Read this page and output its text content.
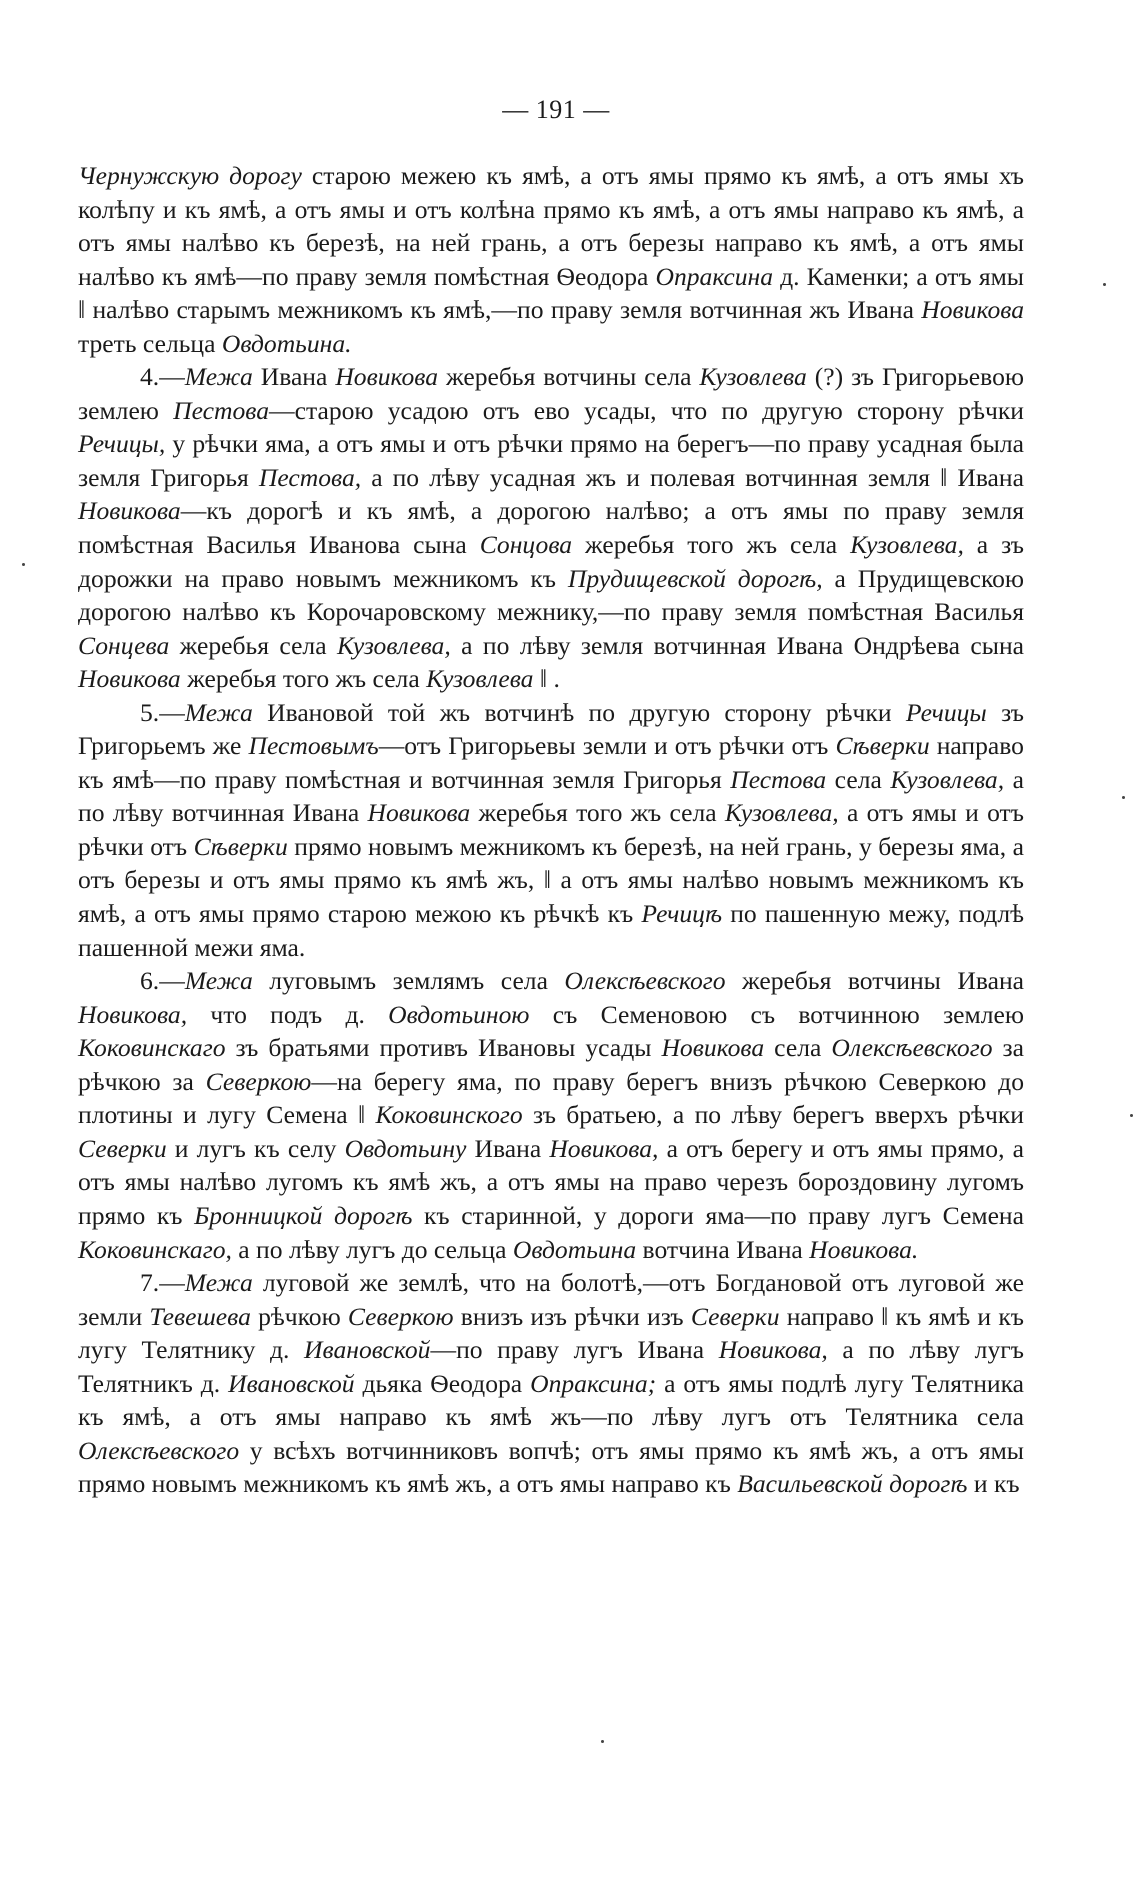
— 191 —

Чернужскую дорогу старою межею къ ямѣ, а отъ ямы прямо къ ямѣ, а отъ ямы хъ колѣпу и къ ямѣ, а отъ ямы и отъ колѣна прямо къ ямѣ, а отъ ямы направо къ ямѣ, а отъ ямы налѣво къ березѣ, на ней грань, а отъ березы направо къ ямѣ, а отъ ямы налѣво къ ямѣ—по праву земля помѣстная Ѳеодора Опраксина д. Каменки; а отъ ямы ‖ налѣво старымъ межникомъ къ ямѣ,—по праву земля вотчинная жъ Ивана Новикова треть сельца Овдотьина.

4.—Межа Ивана Новикова жеребья вотчины села Кузовлева (?) зъ Григорьевою землею Пестова—старою усадою отъ ево усады, что по другую сторону рѣчки Речицы, у рѣчки яма, а отъ ямы и отъ рѣчки прямо на берегъ—по праву усадная была земля Григорья Пестова, а по лѣву усадная жъ и полевая вотчинная земля ‖ Ивана Новикова—къ дорогѣ и къ ямѣ, а дорогою налѣво; а отъ ямы по праву земля помѣстная Василья Иванова сына Сонцова жеребья того жъ села Кузовлева, а зъ дорожки на право новымъ межникомъ къ Прудищевской дорогѣ, а Прудищевскою дорогою налѣво къ Корочаровскому межнику,—по праву земля помѣстная Василья Сонцева жеребья села Кузовлева, а по лѣву земля вотчинная Ивана Ондрѣева сына Новикова жеребья того жъ села Кузовлева ‖ .

5.—Межа Ивановой той жъ вотчинѣ по другую сторону рѣчки Речицы зъ Григорьемъ же Пестовымъ—отъ Григорьевы земли и отъ рѣчки отъ Сѣверки направо къ ямѣ—по праву помѣстная и вотчинная земля Григорья Пестова села Кузовлева, а по лѣву вотчинная Ивана Новикова жеребья того жъ села Кузовлева, а отъ ямы и отъ рѣчки отъ Сѣверки прямо новымъ межникомъ къ березѣ, на ней грань, у березы яма, а отъ березы и отъ ямы прямо къ ямѣ жъ, ‖ а отъ ямы налѣво новымъ межникомъ къ ямѣ, а отъ ямы прямо старою межою къ рѣчкѣ къ Речицѣ по пашенную межу, подлѣ пашенной межи яма.

6.—Межа луговымъ землямъ села Олексѣевского жеребья вотчины Ивана Новикова, что подъ д. Овдотьиною съ Семеновою съ вотчинною землею Коковинскаго зъ братьями противъ Ивановы усады Новикова села Олексѣевского за рѣчкою за Северкою—на берегу яма, по праву берегъ внизъ рѣчкою Северкою до плотины и лугу Семена ‖ Коковинского зъ братьею, а по лѣву берегъ вверхъ рѣчки Северки и лугъ къ селу Овдотьину Ивана Новикова, а отъ берегу и отъ ямы прямо, а отъ ямы налѣво лугомъ къ ямѣ жъ, а отъ ямы на право черезъ бороздовину лугомъ прямо къ Бронницкой дорогѣ къ старинной, у дороги яма—по праву лугъ Семена Коковинскаго, а по лѣву лугъ до сельца Овдотьина вотчина Ивана Новикова.

7.—Межа луговой же землѣ, что на болотѣ,—отъ Богдановой отъ луговой же земли Тевешева рѣчкою Северкою внизъ изъ рѣчки изъ Северки направо ‖ къ ямѣ и къ лугу Телятнику д. Ивановской—по праву лугъ Ивана Новикова, а по лѣву лугъ Телятникъ д. Ивановской дьяка Ѳеодора Опраксина; а отъ ямы подлѣ лугу Телятника къ ямѣ, а отъ ямы направо къ ямѣ жъ—по лѣву лугъ отъ Телятника села Олексѣевского у всѣхъ вотчинниковъ вопчѣ; отъ ямы прямо къ ямѣ жъ, а отъ ямы прямо новымъ межникомъ къ ямѣ жъ, а отъ ямы направо къ Васильевской дорогѣ и къ
